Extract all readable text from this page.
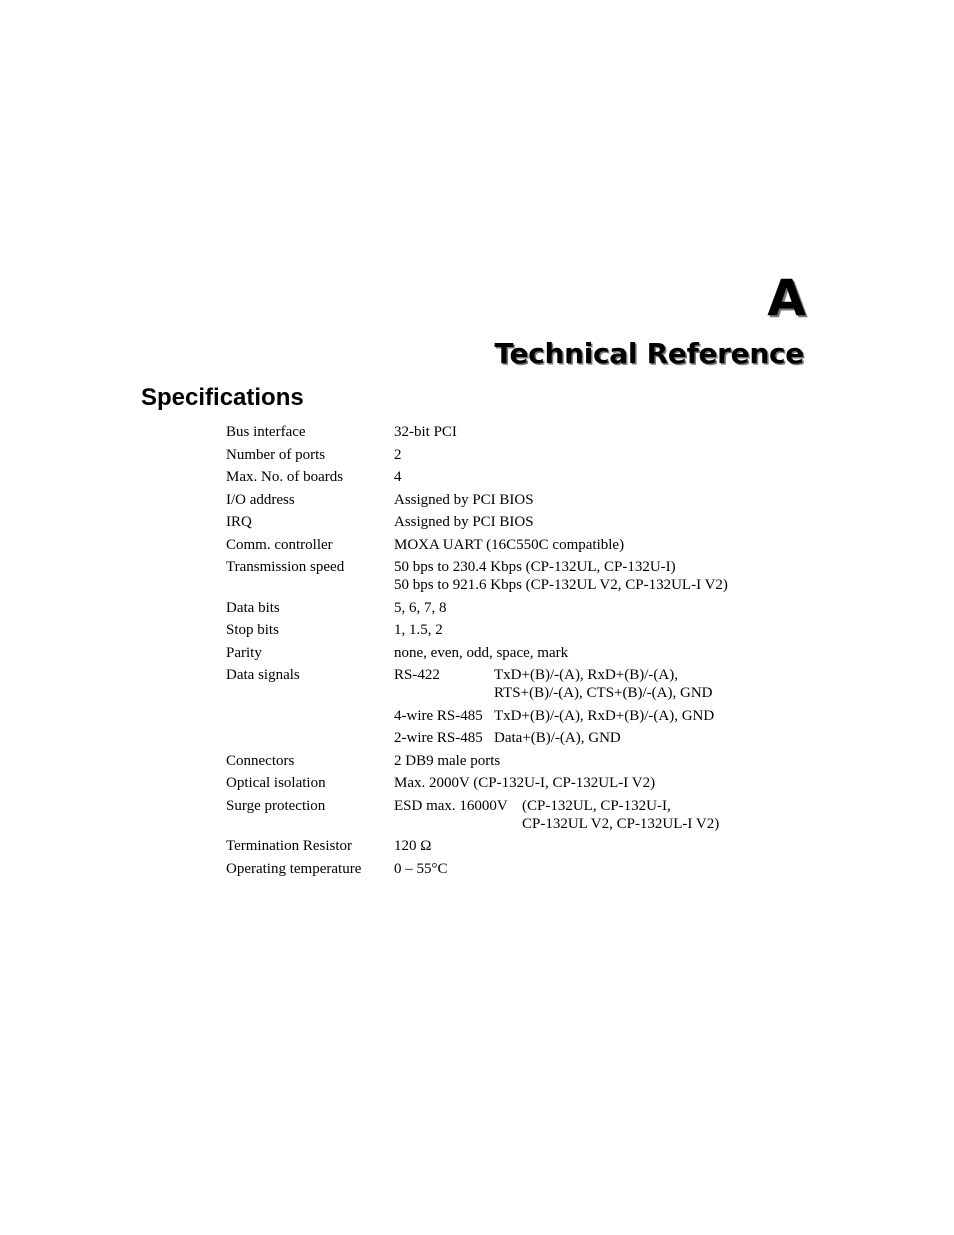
A
Technical Reference
Specifications
Bus interface	32-bit PCI
Number of ports	2
Max. No. of boards	4
I/O address	Assigned by PCI BIOS
IRQ	Assigned by PCI BIOS
Comm. controller	MOXA UART (16C550C compatible)
Transmission speed	50 bps to 230.4 Kbps (CP-132UL, CP-132U-I)
50 bps to 921.6 Kbps (CP-132UL V2, CP-132UL-I V2)
Data bits	5, 6, 7, 8
Stop bits	1, 1.5, 2
Parity	none, even, odd, space, mark
Data signals	RS-422	TxD+(B)/-(A), RxD+(B)/-(A),
RTS+(B)/-(A), CTS+(B)/-(A), GND
4-wire RS-485 TxD+(B)/-(A), RxD+(B)/-(A), GND
2-wire RS-485 Data+(B)/-(A), GND
Connectors	2 DB9 male ports
Optical isolation	Max. 2000V (CP-132U-I, CP-132UL-I V2)
Surge protection	ESD max. 16000V (CP-132UL, CP-132U-I,
CP-132UL V2, CP-132UL-I V2)
Termination Resistor	120 Ω
Operating temperature	0 – 55°C
